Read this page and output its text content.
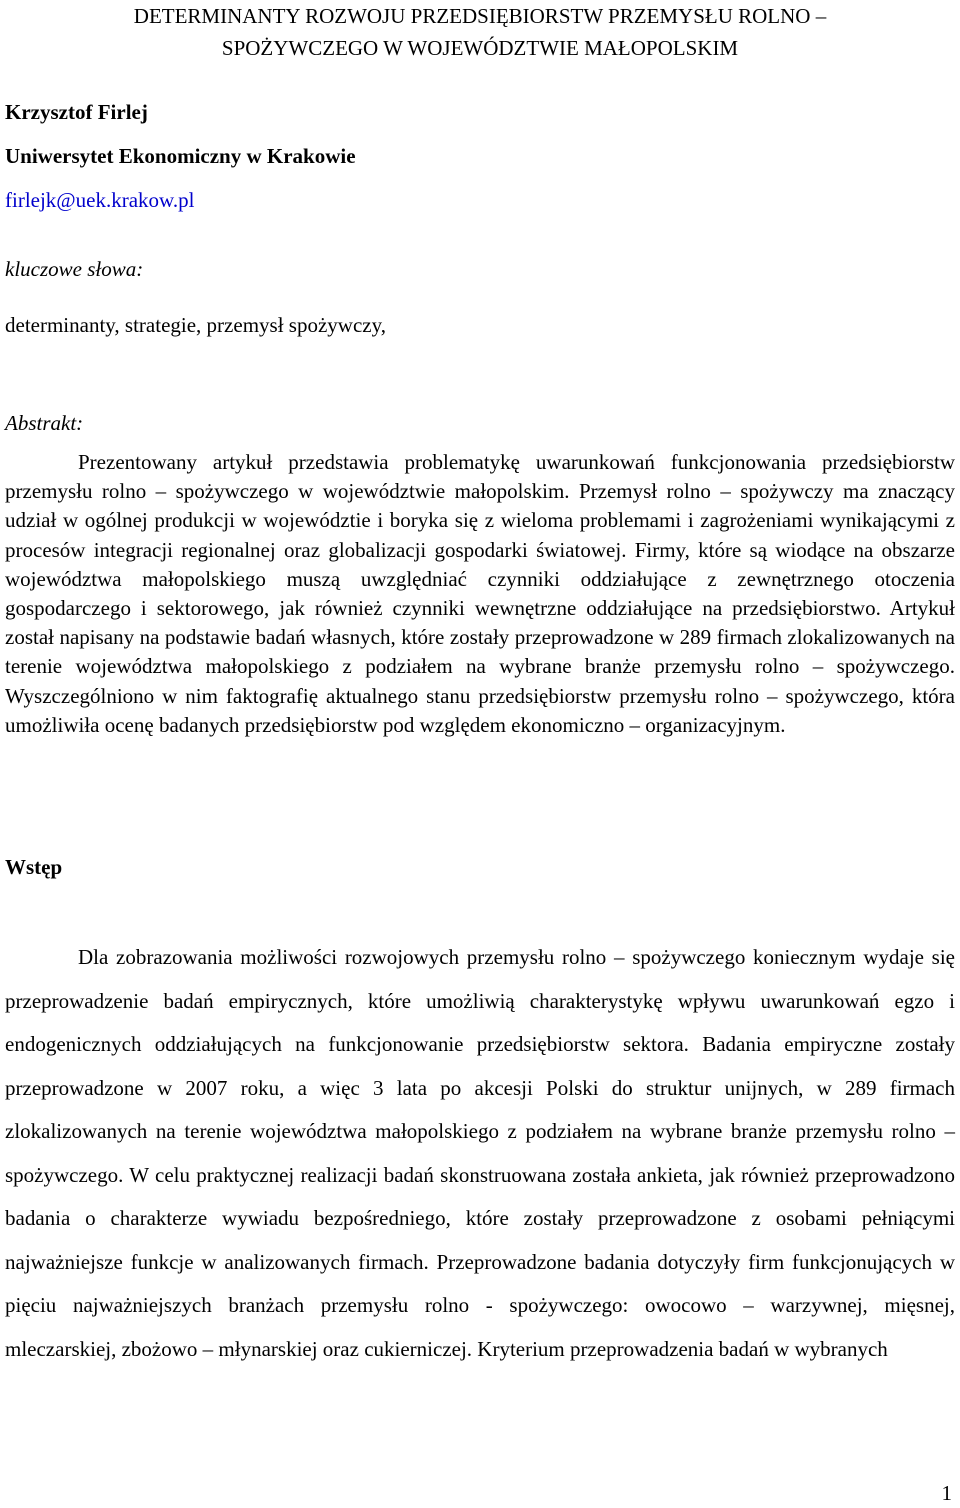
DETERMINANTY ROZWOJU PRZEDSIĘBIORSTW PRZEMYSŁU ROLNO –
SPOŻYWCZEGO W WOJEWÓDZTWIE MAŁOPOLSKIM
Krzysztof Firlej
Uniwersytet Ekonomiczny w Krakowie
firlejk@uek.krakow.pl
kluczowe słowa:
determinanty, strategie, przemysł spożywczy,
Abstrakt:

Prezentowany artykuł przedstawia problematykę uwarunkowań funkcjonowania przedsiębiorstw przemysłu rolno – spożywczego w województwie małopolskim. Przemysł rolno – spożywczy ma znaczący udział w ogólnej produkcji w województie i boryka się z wieloma problemami i zagrożeniami wynikającymi z procesów integracji regionalnej oraz globalizacji gospodarki światowej. Firmy, które są wiodące na obszarze województwa małopolskiego muszą uwzględniać czynniki oddziałujące z zewnętrznego otoczenia gospodarczego i sektorowego, jak również czynniki wewnętrzne oddziałujące na przedsiębiorstwo. Artykuł został napisany na podstawie badań własnych, które zostały przeprowadzone w 289 firmach zlokalizowanych na terenie województwa małopolskiego z podziałem na wybrane branże przemysłu rolno – spożywczego. Wyszczególniono w nim faktografię aktualnego stanu przedsiębiorstw przemysłu rolno – spożywczego, która umożliwiła ocenę badanych przedsiębiorstw pod względem ekonomiczno – organizacyjnym.

Wstęp

Dla zobrazowania możliwości rozwojowych przemysłu rolno – spożywczego koniecznym wydaje się przeprowadzenie badań empirycznych, które umożliwią charakterystykę wpływu uwarunkowań egzo i endogenicznych oddziałujących na funkcjonowanie przedsiębiorstw sektora. Badania empiryczne zostały przeprowadzone w 2007 roku, a więc 3 lata po akcesji Polski do struktur unijnych, w 289 firmach zlokalizowanych na terenie województwa małopolskiego z podziałem na wybrane branże przemysłu rolno – spożywczego. W celu praktycznej realizacji badań skonstruowana została ankieta, jak również przeprowadzono badania o charakterze wywiadu bezpośredniego, które zostały przeprowadzone z osobami pełniącymi najważniejsze funkcje w analizowanych firmach. Przeprowadzone badania dotyczyły firm funkcjonujących w pięciu najważniejszych branżach przemysłu rolno - spożywczego: owocowo – warzywnej, mięsnej, mleczarskiej, zbożowo – młynarskiej oraz cukierniczej. Kryterium przeprowadzenia badań w wybranych

1
